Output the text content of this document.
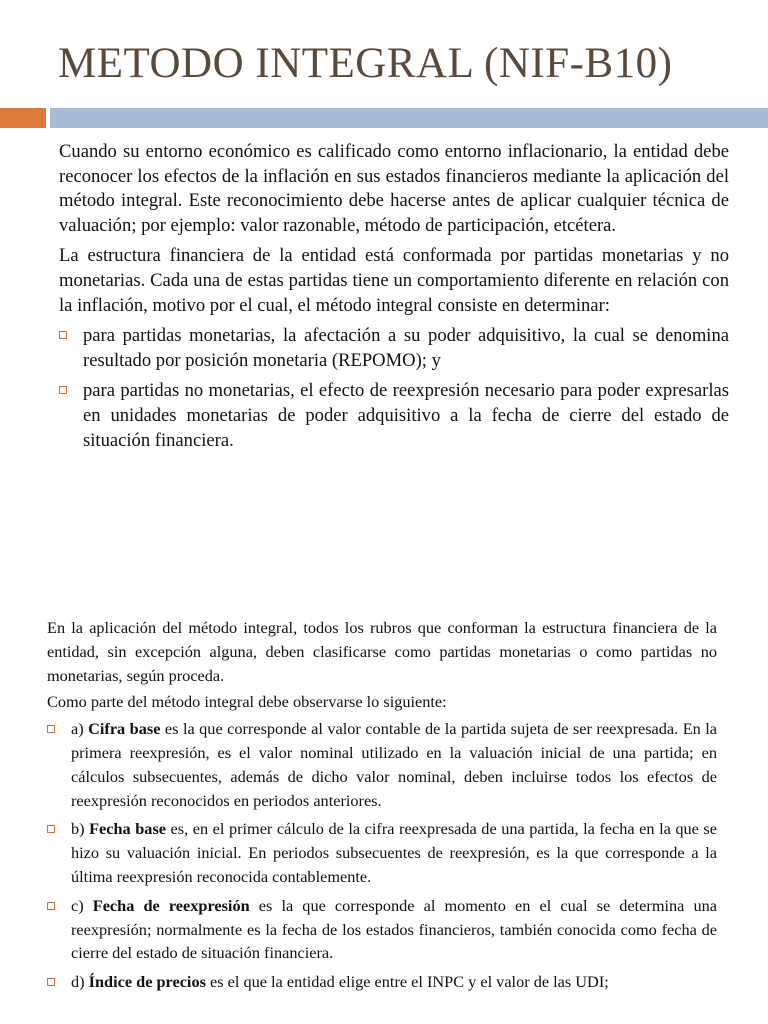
METODO INTEGRAL (NIF-B10)

Cuando su entorno económico es calificado como entorno inflacionario, la entidad debe reconocer los efectos de la inflación en sus estados financieros mediante la aplicación del método integral. Este reconocimiento debe hacerse antes de aplicar cualquier técnica de valuación; por ejemplo: valor razonable, método de participación, etcétera.

La estructura financiera de la entidad está conformada por partidas monetarias y no monetarias. Cada una de estas partidas tiene un comportamiento diferente en relación con la inflación, motivo por el cual, el método integral consiste en determinar:

para partidas monetarias, la afectación a su poder adquisitivo, la cual se denomina resultado por posición monetaria (REPOMO); y
para partidas no monetarias, el efecto de reexpresión necesario para poder expresarlas en unidades monetarias de poder adquisitivo a la fecha de cierre del estado de situación financiera.

En la aplicación del método integral, todos los rubros que conforman la estructura financiera de la entidad, sin excepción alguna, deben clasificarse como partidas monetarias o como partidas no monetarias, según proceda.

Como parte del método integral debe observarse lo siguiente:

a) Cifra base es la que corresponde al valor contable de la partida sujeta de ser reexpresada. En la primera reexpresión, es el valor nominal utilizado en la valuación inicial de una partida; en cálculos subsecuentes, además de dicho valor nominal, deben incluirse todos los efectos de reexpresión reconocidos en periodos anteriores.
b) Fecha base es, en el primer cálculo de la cifra reexpresada de una partida, la fecha en la que se hizo su valuación inicial. En periodos subsecuentes de reexpresión, es la que corresponde a la última reexpresión reconocida contablemente.
c) Fecha de reexpresión es la que corresponde al momento en el cual se determina una reexpresión; normalmente es la fecha de los estados financieros, también conocida como fecha de cierre del estado de situación financiera.
d) Índice de precios es el que la entidad elige entre el INPC y el valor de las UDI;
